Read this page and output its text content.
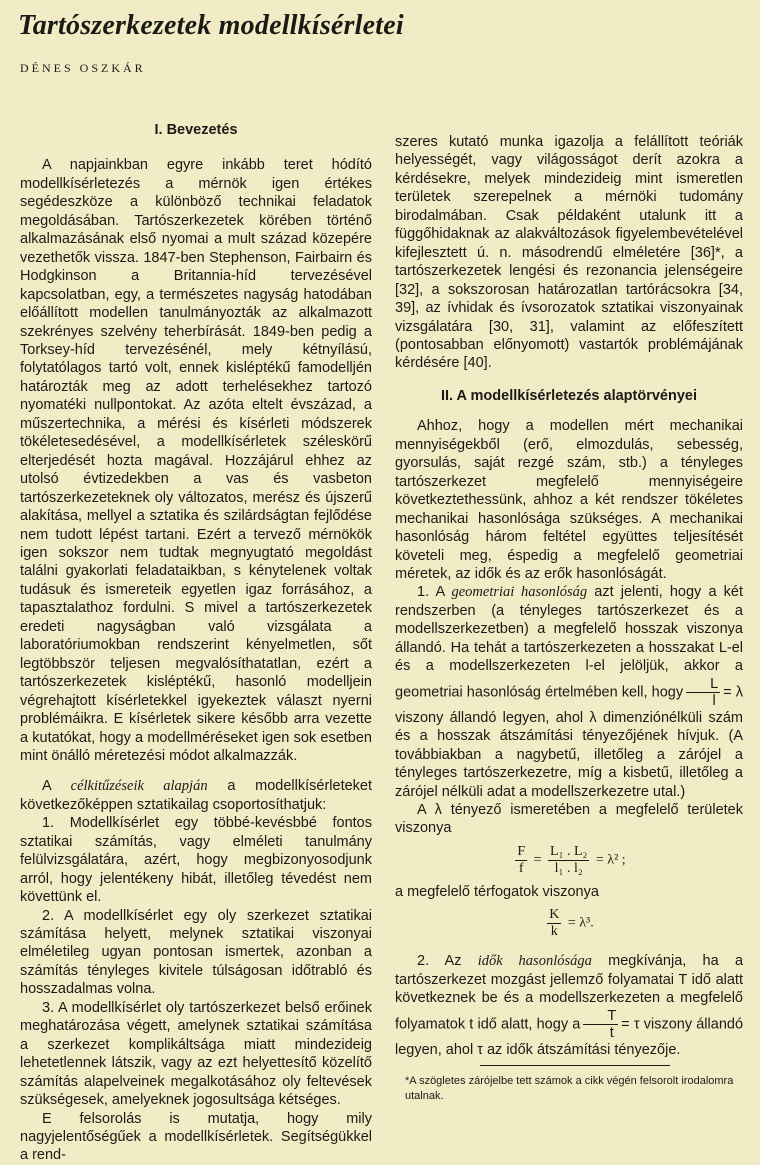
Tartószerkezetek modellkísérletei
DÉNES OSZKÁR
I. Bevezetés

A napjainkban egyre inkább teret hódító modellkísérletezés a mérnök igen értékes segédeszköze a különböző technikai feladatok megoldásában. Tartószerkezetek körében történő alkalmazásának első nyomai a mult század közepére vezethetők vissza. 1847-ben Stephenson, Fairbairn és Hodgkinson a Britannia-híd tervezésével kapcsolatban, egy, a természetes nagyság hatodában előállított modellen tanulmányozták az alkalmazott szekrényes szelvény teherbírását. 1849-ben pedig a Torksey-híd tervezésénél, mely kétnyílású, folytatólagos tartó volt, ennek kisléptékű famodelljén határozták meg az adott terhelésekhez tartozó nyomatéki nullpontokat. Az azóta eltelt évszázad, a műszertechnika, a mérési és kísérleti módszerek tökéletesedésével, a modellkísérletek széleskörű elterjedését hozta magával. Hozzájárul ehhez az utolsó évtizedekben a vas és vasbeton tartószerkezeteknek oly változatos, merész és újszerű alakítása, mellyel a sztatika és szilárdságtan fejlődése nem tudott lépést tartani. Ezért a tervező mérnökök igen sokszor nem tudtak megnyugtató megoldást találni gyakorlati feladataikban, s kénytelenek voltak tudásuk és ismereteik egyetlen igaz forrásához, a tapasztalathoz fordulni. S mivel a tartószerkezetek eredeti nagyságban való vizsgálata a laboratóriumokban rendszerint kényelmetlen, sőt legtöbbször teljesen megvalósíthatatlan, ezért a tartószerkezetek kisléptékű, hasonló modelljein végrehajtott kísérletekkel igyekeztek választ nyerni problémáikra. E kísérletek sikere később arra vezette a kutatókat, hogy a modellméréseket igen sok esetben mint önálló méretezési módot alkalmazzák.

A célkitűzéseik alapján a modellkísérleteket következőképpen sztatikailag csoportosíthatjuk:

1. Modellkísérlet egy többé-kevésbbé fontos sztatikai számítás, vagy elméleti tanulmány felülvizsgálatára, azért, hogy megbizonyosodjunk arról, hogy jelentékeny hibát, illetőleg tévedést nem követtünk el.

2. A modellkísérlet egy oly szerkezet sztatikai számítása helyett, melynek sztatikai viszonyai elméletileg ugyan pontosan ismertek, azonban a számítás tényleges kivitele túlságosan időtrabló és hosszadalmas volna.

3. A modellkísérlet oly tartószerkezet belső erőinek meghatározása végett, amelynek sztatikai számítása a szerkezet komplikáltsága miatt mindezideig lehetetlennek látszik, vagy az ezt helyettesítő közelítő számítás alapelveinek megalkotásához oly feltevések szükségesek, amelyeknek jogosultsága kétséges.

E felsorolás is mutatja, hogy mily nagyjelentőségűek a modellkísérletek. Segítségükkel a rend-

szeres kutató munka igazolja a felállított teóriák helyességét, vagy világosságot derít azokra a kérdésekre, melyek mindezideig mint ismeretlen területek szerepelnek a mérnöki tudomány birodalmában. Csak példaként utalunk itt a függőhidaknak az alakváltozások figyelembevételével kifejlesztett ú. n. másodrendű elméletére [36]*, a tartószerkezetek lengési és rezonancia jelenségeire [32], a sokszorosan határozatlan tartórácsokra [34, 39], az ívhidak és ívsorozatok sztatikai viszonyainak vizsgálatára [30, 31], valamint az előfeszített (pontosabban előnyomott) vastartók problémájának kérdésére [40].

II. A modellkísérletezés alaptörvényei

Ahhoz, hogy a modellen mért mechanikai mennyiségekből (erő, elmozdulás, sebesség, gyorsulás, saját rezgé szám, stb.) a tényleges tartószerkezet megfelelő mennyiségeire következtethessünk, ahhoz a két rendszer tökéletes mechanikai hasonlósága szükséges. A mechanikai hasonlóság három feltétel együttes teljesítését követeli meg, éspedig a megfelelő geometriai méretek, az idők és az erők hasonlóságát.

1. A geometriai hasonlóság azt jelenti, hogy a két rendszerben (a tényleges tartószerkezet és a modellszerkezetben) a megfelelő hosszak viszonya állandó. Ha tehát a tartószerkezeten a hosszakat L-el és a modellszerkezeten l-el jelöljük, akkor a geometriai hasonlóság értelmében kell, hogy $\frac{L}{l} = \lambda$ viszony állandó legyen, ahol λ dimenziónélküli szám és a hosszak átszámítási tényezőjének hívjuk. (A továbbiakban a nagybetű, illetőleg a zárójel a tényleges tartószerkezetre, míg a kisbetű, illetőleg a zárójel nélküli adat a modellszerkezetre utal.)

A λ tényező ismeretében a megfelelő területek viszonya

$\frac{F}{f} = \frac{\text{L₁ . L₂}}{\text{l₁ . l₂}} = \lambda^2$ ;

a megfelelő térfogatok viszonya

$\frac{K}{k} = \lambda^3$.

2. Az idők hasonlósága megkívánja, ha a tartószerkezet mozgást jellemző folyamatai T idő alatt következnek be és a modellszerkezeten a megfelelő folyamatok t idő alatt, hogy a $\frac{T}{t} = \tau$ viszony állandó legyen, ahol τ az idők átszámítási tényezője.

*A szögletes zárójelbe tett számok a cikk végén felsorolt irodalomra utalnak.
